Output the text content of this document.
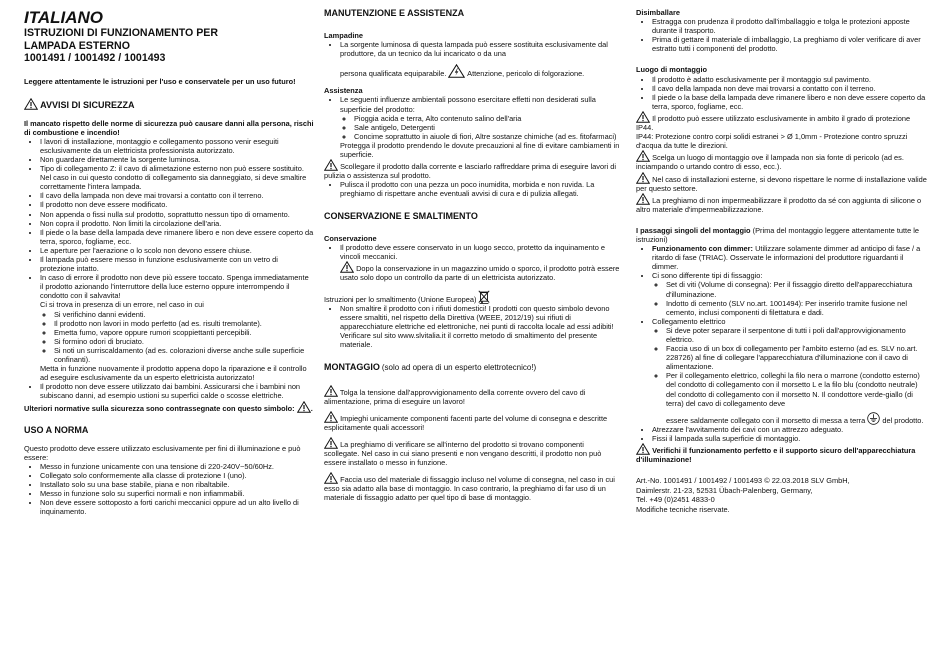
ITALIANO

ISTRUZIONI DI FUNZIONAMENTO PER

LAMPADA ESTERNO

1001491 / 1001492 / 1001493

Leggere attentamente le istruzioni per l'uso e conservatele per un uso futuro!

AVVISI DI SICUREZZA

Il mancato rispetto delle norme di sicurezza può causare danni alla persona, rischi di combustione e incendio!

• I lavori di installazione, montaggio e collegamento possono venir eseguiti esclusivamente da un elettricista professionista autorizzato.
• Non guardare direttamente la sorgente luminosa.
• Tipo di collegamento Z: il cavo di alimetazione esterno non può essere sostituito. Nel caso in cui questo condotto di collegamento sia danneggiato, si deve smaltire correttamente l'intera lampada.
• Il cavo della lampada non deve mai trovarsi a contatto con il terreno.
• Il prodotto non deve essere modificato.
• Non appenda o fissi nulla sul prodotto, soprattutto nessun tipo di ornamento.
• Non copra il prodotto. Non limiti la circolazione dell'aria.
• Il piede o la base della lampada deve rimanere libero e non deve essere coperto da terra, sporco, fogliame, ecc.
• Le aperture per l'aerazione o lo scolo non devono essere chiuse.
• Il lampada può essere messo in funzione esclusivamente con un vetro di protezione intatto.
• In caso di errore il prodotto non deve più essere toccato. Spenga immediatamente il prodotto azionando l'interruttore della luce esterno oppure interrompendo il condotto con il salvavita!

Ci si trova in presenza di un errore, nel caso in cui

◦ Si verifichino danni evidenti.
◦ Il prodotto non lavori in modo perfetto (ad es. risulti tremolante).
◦ Emetta fumo, vapore oppure rumori scoppiettanti percepibili.
◦ Si formino odori di bruciato.
◦ Si noti un surriscaldamento (ad es. colorazioni diverse anche sulle superficie confinanti).

Metta in funzione nuovamente il prodotto appena dopo la riparazione e il controllo ad eseguire esclusivamente da un esperto elettricista autorizzato!

• Il prodotto non deve essere utilizzato dai bambini. Assicurarsi che i bambini non subiscano danni, ad esempio ustioni su superfici calde o scosse elettriche.

Ulteriori normative sulla sicurezza sono contrassegnate con questo simbolo: .

USO A NORMA

Questo prodotto deve essere utilizzato esclusivamente per fini di illuminazione e può essere:

• Messo in funzione unicamente con una tensione di 220-240V~50/60Hz.
• Collegato solo conformemente alla classe di protezione I (uno).
• Installato solo su una base stabile, piana e non ribaltabile.
• Messo in funzione solo su superfici normali e non infiammabili.
• Non deve essere sottoposto a forti carichi meccanici oppure ad un alto livello di inquinamento.

MANUTENZIONE E ASSISTENZA

Lampadine

• La sorgente luminosa di questa lampada può essere sostituita esclusivamente dal produttore, da un tecnico da lui incaricato o da una
persona qualificata equiparabile.	Attenzione, pericolo di folgorazione.

Assistenza

• Le seguenti influenze ambientali possono esercitare effetti non desiderati sulla superficie del prodotto:
◦ Pioggia acida e terra, Alto contenuto salino dell'aria
◦ Sale antigelo, Detergenti
◦ Concime soprattutto in aiuole di fiori, Altre sostanze chimiche (ad es. fitofarmaci)
Protegga il prodotto prendendo le dovute precauzioni al fine di evitare cambiamenti in superficie.

Scollegare il prodotto dalla corrente e lasciarlo raffreddare prima di eseguire lavori di pulizia o assistenza sul prodotto.

• Pulisca il prodotto con una pezza un poco inumidita, morbida e non ruvida. La preghiamo di rispettare anche eventuali avvisi di cura e di pulizia allegati.

CONSERVAZIONE E SMALTIMENTO

Conservazione

• Il prodotto deve essere conservato in un luogo secco, protetto da inquinamento e vincoli meccanici.

Dopo la conservazione in un magazzino umido o sporco, il prodotto potrà essere usato solo dopo un controllo da parte di un elettricista autorizzato.

Istruzioni per lo smaltimento (Unione Europea)

• Non smaltire il prodotto con i rifiuti domestici! I prodotti con questo simbolo devono essere smaltiti, nel rispetto della Direttiva (WEEE, 2012/19) sui rifiuti di apparecchiature elettriche ed elettroniche, nei punti di raccolta locale ad essi adibiti! Verificare sul sito www.slvitalia.it il corretto metodo di smaltimento del presente materiale.

MONTAGGIO (solo ad opera di un esperto elettrotecnico!)

Tolga la tensione dall'approvvigionamento della corrente ovvero del cavo di alimentazione, prima di eseguire un lavoro!

Impieghi unicamente componenti facenti parte del volume di consegna e descritte esplicitamente quali accessori!

La preghiamo di verificare se all'interno del prodotto si trovano componenti scollegate. Nel caso in cui siano presenti e non vengano descritti, il prodotto non può essere installato o messo in funzione.

Faccia uso del materiale di fissaggio incluso nel volume di consegna, nel caso in cui esso sia adatto alla base di montaggio. In caso contrario, la preghiamo di far uso di un materiale di fissaggio adatto per quel tipo di base di montaggio.

Disimballare

• Estragga con prudenza il prodotto dall'imballaggio e tolga le protezioni apposte durante il trasporto.
• Prima di gettare il materiale di imballaggio, La preghiamo di voler verificare di aver estratto tutti i componenti del prodotto.

Luogo di montaggio

• Il prodotto è adatto esclusivamente per il montaggio sul pavimento.
• Il cavo della lampada non deve mai trovarsi a contatto con il terreno.
• Il piede o la base della lampada deve rimanere libero e non deve essere coperto da terra, sporco, fogliame, ecc.

Il prodotto può essere utilizzato esclusivamente in ambito il grado di protezione IP44.

IP44: Protezione contro corpi solidi estranei > Ø 1,0mm - Protezione contro spruzzi d'acqua da tutte le direzioni.

Scelga un luogo di montaggio ove il lampada non sia fonte di pericolo (ad es. inciampando o urtando contro di esso, ecc.).

Nel caso di installazioni esterne, si devono rispettare le norme di installazione valide per questo settore.

La preghiamo di non impermeabilizzare il prodotto da sé con aggiunta di silicone o altro materiale d'impermeabilizzazione.

I passaggi singoli del montaggio (Prima del montaggio leggere attentamente tutte le istruzioni)

• Funzionamento con dimmer: Utilizzare solamente dimmer ad anticipo di fase / a ritardo di fase (TRIAC). Osservate le informazioni del produttore riguardanti il dimmer.
• Ci sono differente tipi di fissaggio:
◦ Set di viti (Volume di consegna): Per il fissaggio diretto dell'apparecchiatura d'illuminazione.
◦ Indotto di cemento (SLV no.art. 1001494): Per inserirlo tramite fusione nel cemento, inclusi componenti di filettatura e dadi.
• Collegamento elettrico
◦ Si deve poter separare il serpentone di tutti i poli dall'approvvigionamento elettrico.
◦ Faccia uso di un box di collegamento per l'ambito esterno (ad es. SLV no.art. 228726) al fine di collegare l'apparecchiatura d'illuminazione con il cavo di alimentazione.
◦ Per il collegamento elettrico, colleghi la filo nera o marrone (condotto esterno) del condotto di collegamento con il morsetto L e la filo blu (condotto neutrale) del condotto di collegamento con il morsetto N. Il condottore verde-giallo (di terra) del cavo di collegamento deve
essere saldamente collegato con il morsetto di messa a terra del prodotto.
• Atrezzare l'avvitamento dei cavi con un attrezzo adeguato.
• Fissi il lampada sulla superficie di montaggio.

Verifichi il funzionamento perfetto e il supporto sicuro dell'apparecchiatura d'illuminazione!

Art.-No. 1001491 / 1001492 / 1001493 © 22.03.2018 SLV GmbH,

Daimlerstr. 21-23, 52531 Übach-Palenberg, Germany,

Tel. +49 (0)2451 4833-0

Modifiche tecniche riservate.
